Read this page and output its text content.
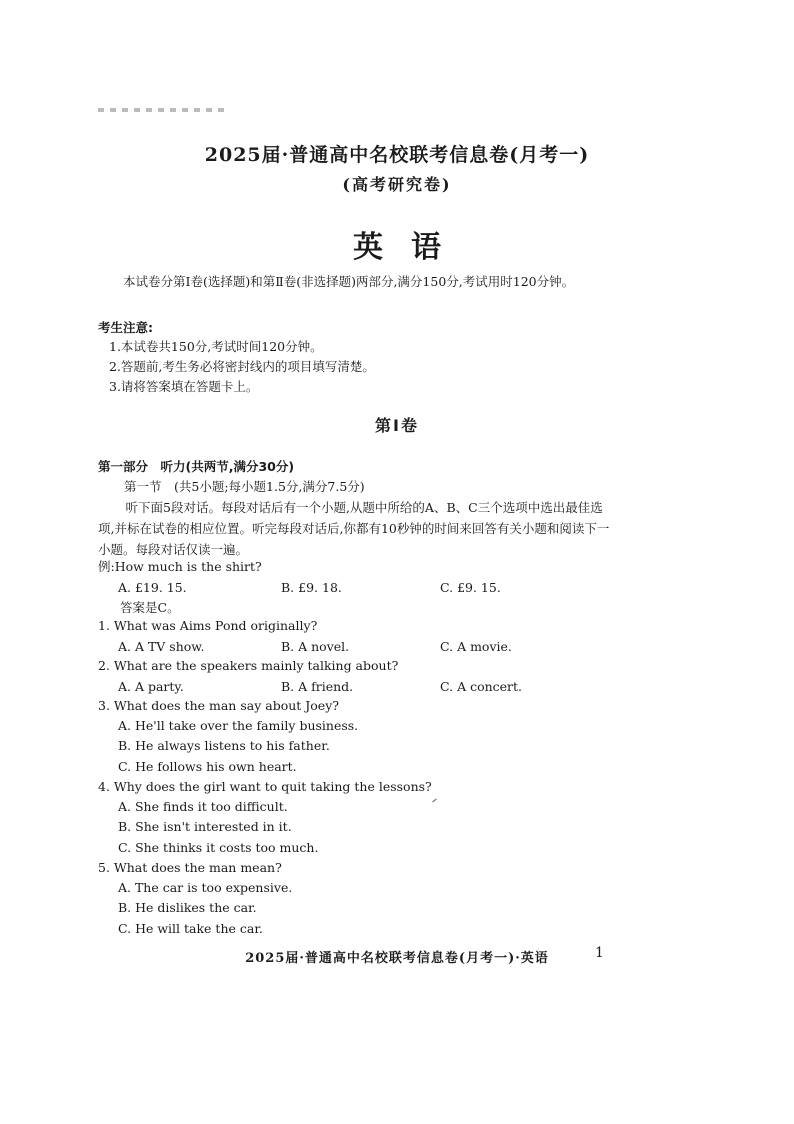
2025届·普通高中名校联考信息卷(月考一)
(高考研究卷)
英语
本试卷分第Ⅰ卷(选择题)和第Ⅱ卷(非选择题)两部分,满分150分,考试用时120分钟。
考生注意:
1.本试卷共150分,考试时间120分钟。
2.答题前,考生务必将密封线内的项目填写清楚。
3.请将答案填在答题卡上。
第Ⅰ卷
第一部分　听力(共两节,满分30分)
第一节　(共5小题;每小题1.5分,满分7.5分)
听下面5段对话。每段对话后有一个小题,从题中所给的A、B、C三个选项中选出最佳选项,并标在试卷的相应位置。听完每段对话后,你都有10秒钟的时间来回答有关小题和阅读下一小题。每段对话仅读一遍。
例:How much is the shirt?
A. £19. 15.	B. £9. 18.	C. £9. 15.
答案是C。
1. What was Aims Pond originally?
A. A TV show.	B. A novel.	C. A movie.
2. What are the speakers mainly talking about?
A. A party.	B. A friend.	C. A concert.
3. What does the man say about Joey?
A. He'll take over the family business.
B. He always listens to his father.
C. He follows his own heart.
4. Why does the girl want to quit taking the lessons?
A. She finds it too difficult.
B. She isn't interested in it.
C. She thinks it costs too much.
5. What does the man mean?
A. The car is too expensive.
B. He dislikes the car.
C. He will take the car.
2025届·普通高中名校联考信息卷(月考一)·英语	1
